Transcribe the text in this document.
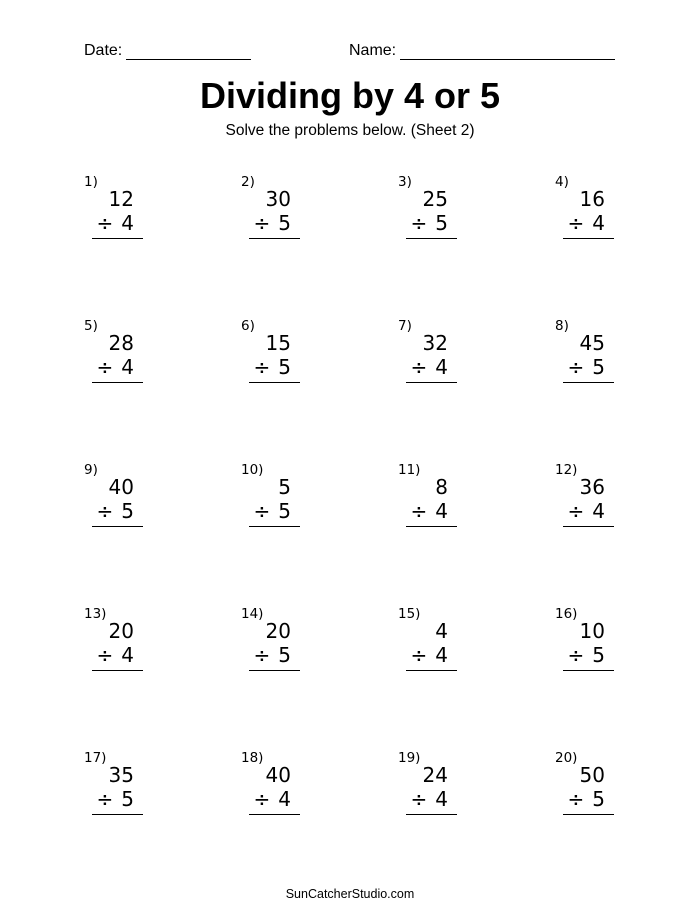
Date:	Name:
Dividing by 4 or 5
Solve the problems below. (Sheet 2)
1)
12
÷ 4
2)
30
÷ 5
3)
25
÷ 5
4)
16
÷ 4
5)
28
÷ 4
6)
15
÷ 5
7)
32
÷ 4
8)
45
÷ 5
9)
40
÷ 5
10)
5
÷ 5
11)
8
÷ 4
12)
36
÷ 4
13)
20
÷ 4
14)
20
÷ 5
15)
4
÷ 4
16)
10
÷ 5
17)
35
÷ 5
18)
40
÷ 4
19)
24
÷ 4
20)
50
÷ 5
SunCatcherStudio.com
